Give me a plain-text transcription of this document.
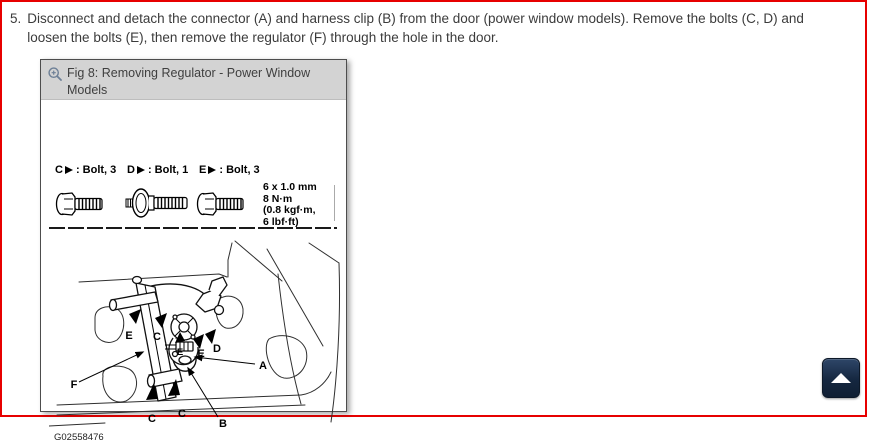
5. Disconnect and detach the connector (A) and harness clip (B) from the door (power window models). Remove the bolts (C, D) and loosen the bolts (E), then remove the regulator (F) through the hole in the door.
Fig 8: Removing Regulator - Power Window Models
C : Bolt, 3 D : Bolt, 1 E : Bolt, 3
6 x 1.0 mm
8 N·m
(0.8 kgf·m,
6 lbf·ft)
E C
E E D
C C
F
A
B
G02558476
